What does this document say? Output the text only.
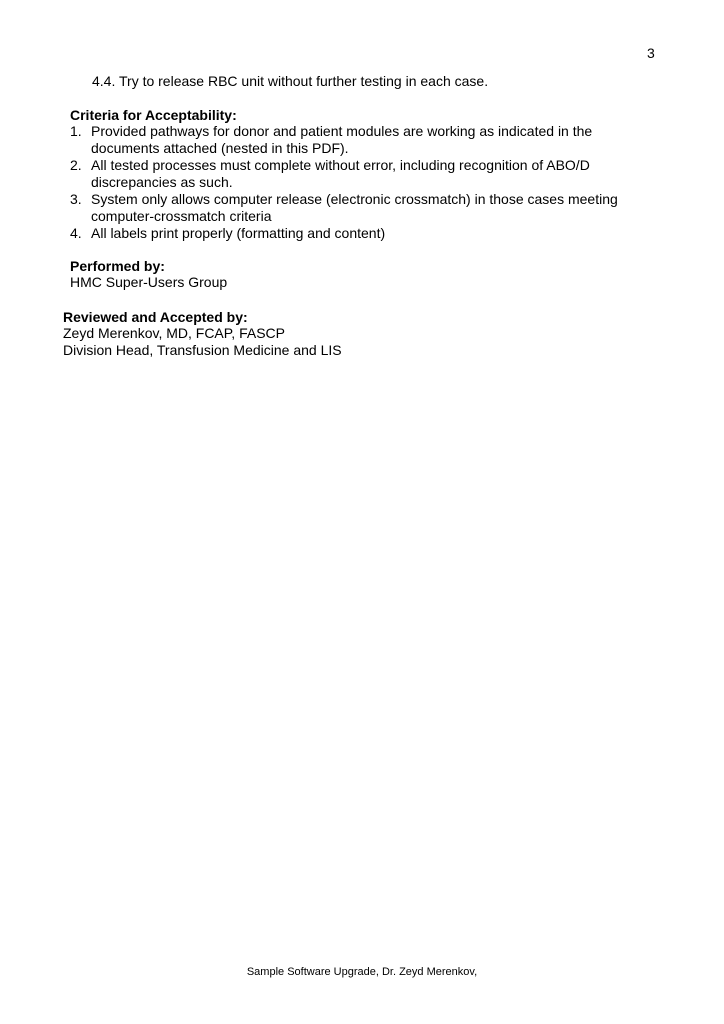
3
4.4. Try to release RBC unit without further testing in each case.
Criteria for Acceptability:
1. Provided pathways for donor and patient modules are working as indicated in the documents attached (nested in this PDF).
2. All tested processes must complete without error, including recognition of ABO/D discrepancies as such.
3. System only allows computer release (electronic crossmatch) in those cases meeting computer-crossmatch criteria
4. All labels print properly (formatting and content)
Performed by:
HMC Super-Users Group
Reviewed and Accepted by:
Zeyd Merenkov, MD, FCAP, FASCP
Division Head, Transfusion Medicine and LIS
Sample Software Upgrade, Dr. Zeyd Merenkov,
